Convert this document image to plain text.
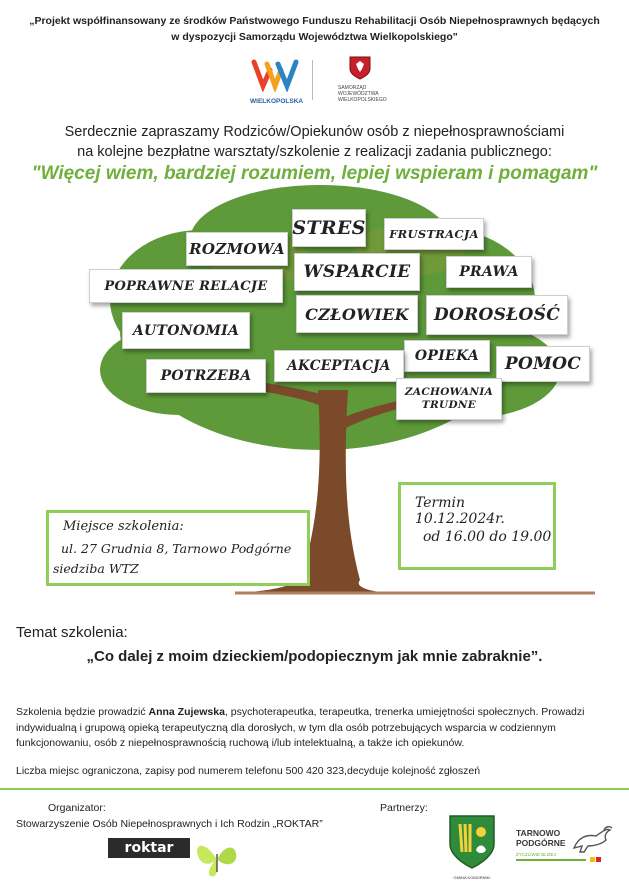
„Projekt współfinansowany ze środków Państwowego Funduszu Rehabilitacji Osób Niepełnosprawnych będących
w dyspozycji Samorządu Województwa Wielkopolskiego"
WIELKOPOLSKA
SAMORZĄD
WOJEWÓDZTWA
WIELKOPOLSKIEGO
Serdecznie zapraszamy Rodziców/Opiekunów osób z niepełnosprawnościami
na kolejne bezpłatne warsztaty/szkolenie z realizacji zadania publicznego:
"Więcej wiem, bardziej rozumiem, lepiej wspieram i pomagam"
STRES	FRUSTRACJA
ROZMOWA
WSPARCIE	PRAWA
POPRAWNE RELACJE
CZŁOWIEK	DOROSŁOŚĆ
AUTONOMIA
OPIEKA	POMOC
AKCEPTACJA
POTRZEBA
ZACHOWANIA
TRUDNE
Termin 10.12.2024r.
od 16.00 do 19.00
Miejsce szkolenia:
ul. 27 Grudnia 8, Tarnowo Podgórne
siedziba WTZ
Temat szkolenia:
„Co dalej z moim dzieckiem/podopiecznym jak mnie zabraknie”.
Szkolenia będzie prowadzić Anna Zujewska, psychoterapeutka, terapeutka, trenerka umiejętności społecznych. Prowadzi indywidualną i grupową opieką terapeutyczną dla dorosłych, w tym dla osób potrzebujących wsparcia w codziennym funkcjonowaniu, osób z niepełnosprawnością ruchową i/lub intelektualną, a także ich opiekunów.
Liczba miejsc ograniczona, zapisy pod numerem telefonu 500 420 323,decyduje kolejność zgłoszeń
Organizator:
Stowarzyszenie Osób Niepełnosprawnych i Ich Rodzin „ROKTAR”
roktar
Partnerzy:
GMINA KOMORNIKI
TARNOWO
PODGÓRNE
ŻYCZLIWIE BLIŻEJ
